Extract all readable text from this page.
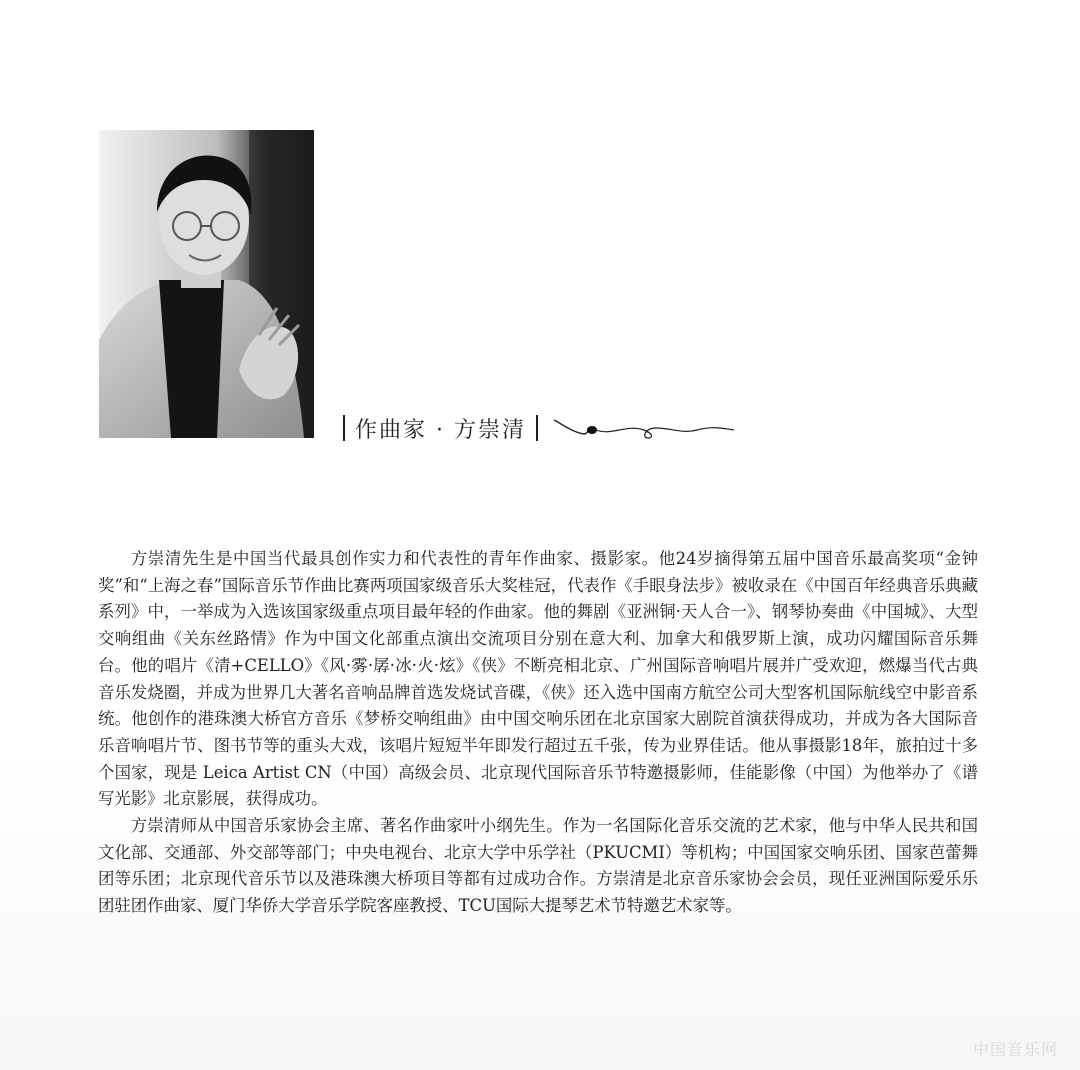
作曲家 · 方崇清

方崇清先生是中国当代最具创作实力和代表性的青年作曲家、摄影家。他24岁摘得第五届中国音乐最高奖项“金钟奖”和“上海之春”国际音乐节作曲比赛两项国家级音乐大奖桂冠，代表作《手眼身法步》被收录在《中国百年经典音乐典藏系列》中，一举成为入选该国家级重点项目最年轻的作曲家。他的舞剧《亚洲铜·天人合一》、钢琴协奏曲《中国城》、大型交响组曲《关东丝路情》作为中国文化部重点演出交流项目分别在意大利、加拿大和俄罗斯上演，成功闪耀国际音乐舞台。他的唱片《清+CELLO》《风·雾·孱·冰·火·炫》《侠》不断亮相北京、广州国际音响唱片展并广受欢迎，燃爆当代古典音乐发烧圈，并成为世界几大著名音响品牌首选发烧试音碟，《侠》还入选中国南方航空公司大型客机国际航线空中影音系统。他创作的港珠澳大桥官方音乐《梦桥交响组曲》由中国交响乐团在北京国家大剧院首演获得成功，并成为各大国际音乐音响唱片节、图书节等的重头大戏，该唱片短短半年即发行超过五千张，传为业界佳话。他从事摄影18年，旅拍过十多个国家，现是 Leica Artist CN（中国）高级会员、北京现代国际音乐节特邀摄影师，佳能影像（中国）为他举办了《谱写光影》北京影展，获得成功。

方崇清师从中国音乐家协会主席、著名作曲家叶小纲先生。作为一名国际化音乐交流的艺术家，他与中华人民共和国文化部、交通部、外交部等部门；中央电视台、北京大学中乐学社（PKUCMI）等机构；中国国家交响乐团、国家芭蕾舞团等乐团；北京现代音乐节以及港珠澳大桥项目等都有过成功合作。方崇清是北京音乐家协会会员，现任亚洲国际爱乐乐团驻团作曲家、厦门华侨大学音乐学院客座教授、TCU国际大提琴艺术节特邀艺术家等。

中国音乐网
